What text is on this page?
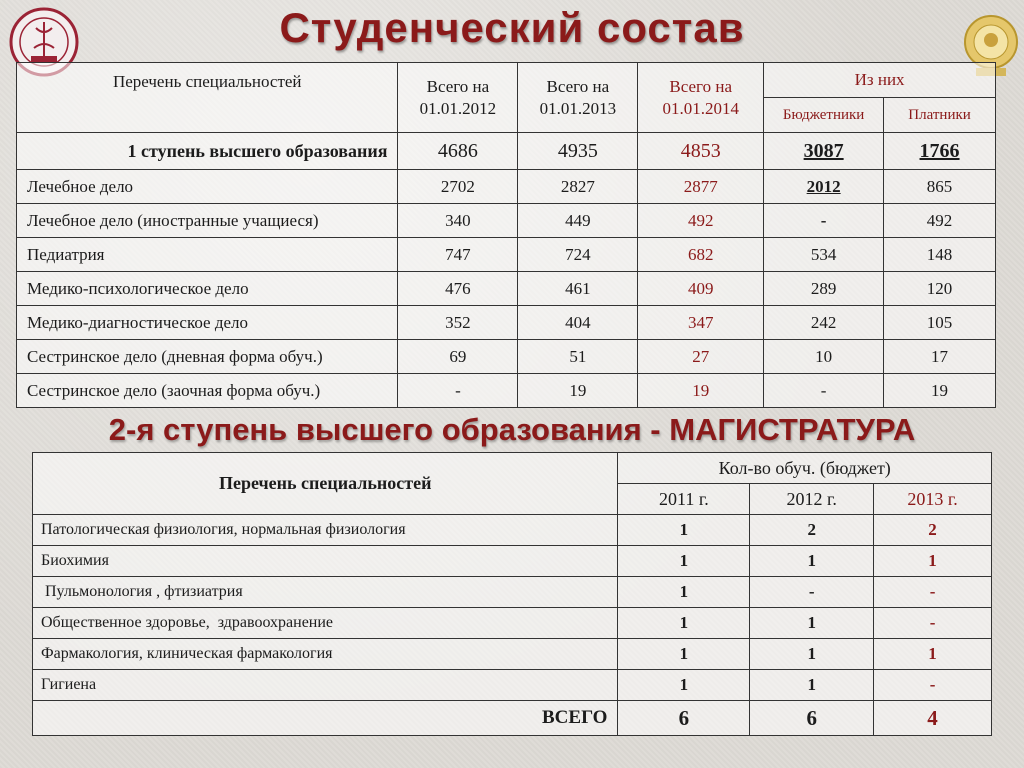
Студенческий состав
Перечень специальностей	Всего на 01.01.2012	Всего на 01.01.2013	Всего на 01.01.2014	Из них	
				Бюджетники	Платники
1 ступень высшего образования	4686	4935	4853	3087	1766
Лечебное дело	2702	2827	2877	2012	865
Лечебное дело (иностранные учащиеся)	340	449	492	-	492
Педиатрия	747	724	682	534	148
Медико-психологическое дело	476	461	409	289	120
Медико-диагностическое дело	352	404	347	242	105
Сестринское дело (дневная форма обуч.)	69	51	27	10	17
Сестринское дело (заочная форма обуч.)	-	19	19	-	19
2-я ступень высшего образования - МАГИСТРАТУРА
Перечень специальностей	Кол-во обуч. (бюджет)		
	2011 г.	2012 г.	2013 г.
Патологическая физиология, нормальная физиология	1	2	2
Биохимия	1	1	1
Пульмонология , фтизиатрия	1	-	-
Общественное здоровье,  здравоохранение	1	1	-
Фармакология, клиническая фармакология	1	1	1
Гигиена	1	1	-
ВСЕГО	6	6	4
